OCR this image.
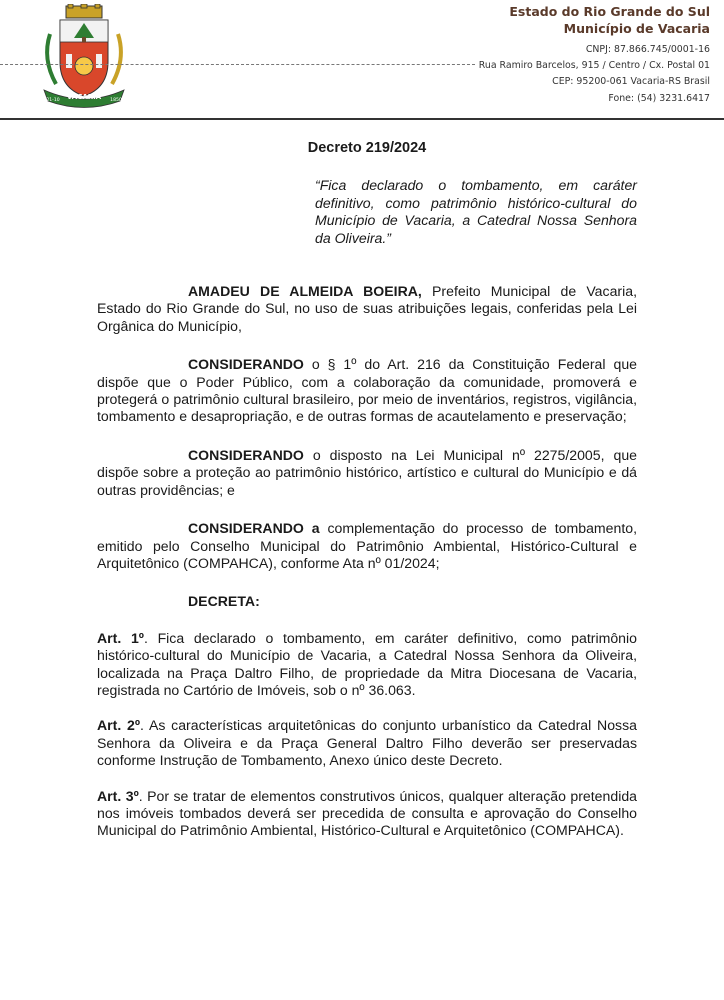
VACARIA
21-10	1850
Estado do Rio Grande do Sul
Município de Vacaria
CNPJ: 87.866.745/0001-16
Rua Ramiro Barcelos, 915 / Centro / Cx. Postal 01
CEP: 95200-061 Vacaria-RS Brasil
Fone: (54) 3231.6417
Decreto 219/2024
“Fica declarado o tombamento, em caráter definitivo, como patrimônio histórico-cultural do Município de Vacaria, a Catedral Nossa Senhora da Oliveira.”

AMADEU DE ALMEIDA BOEIRA, Prefeito Municipal de Vacaria, Estado do Rio Grande do Sul, no uso de suas atribuições legais, conferidas pela Lei Orgânica do Município,

CONSIDERANDO o § 1º do Art. 216 da Constituição Federal que dispõe que o Poder Público, com a colaboração da comunidade, promoverá e protegerá o patrimônio cultural brasileiro, por meio de inventários, registros, vigilância, tombamento e desapropriação, e de outras formas de acautelamento e preservação;

CONSIDERANDO o disposto na Lei Municipal nº 2275/2005, que dispõe sobre a proteção ao patrimônio histórico, artístico e cultural do Município e dá outras providências; e

CONSIDERANDO a complementação do processo de tombamento, emitido pelo Conselho Municipal do Patrimônio Ambiental, Histórico-Cultural e Arquitetônico (COMPAHCA), conforme Ata nº 01/2024;

DECRETA:

Art. 1º. Fica declarado o tombamento, em caráter definitivo, como patrimônio histórico-cultural do Município de Vacaria, a Catedral Nossa Senhora da Oliveira, localizada na Praça Daltro Filho, de propriedade da Mitra Diocesana de Vacaria, registrada no Cartório de Imóveis, sob o nº 36.063.

Art. 2º. As características arquitetônicas do conjunto urbanístico da Catedral Nossa Senhora da Oliveira e da Praça General Daltro Filho deverão ser preservadas conforme Instrução de Tombamento, Anexo único deste Decreto.

Art. 3º. Por se tratar de elementos construtivos únicos, qualquer alteração pretendida nos imóveis tombados deverá ser precedida de consulta e aprovação do Conselho Municipal do Patrimônio Ambiental, Histórico-Cultural e Arquitetônico (COMPAHCA).
